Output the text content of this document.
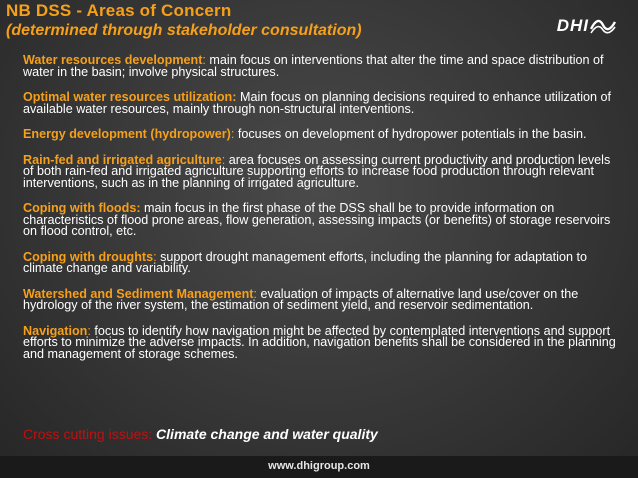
NB DSS - Areas of Concern
(determined through stakeholder consultation)	DHI

Water resources development: main focus on interventions that alter the time and space distribution of water in the basin; involve physical structures.

Optimal water resources utilization: Main focus on planning decisions required to enhance utilization of available water resources, mainly through non-structural interventions.

Energy development (hydropower): focuses on development of hydropower potentials in the basin.

Rain-fed and irrigated agriculture: area focuses on assessing current productivity and production levels of both rain-fed and irrigated agriculture supporting efforts to increase food production through relevant interventions, such as in the planning of irrigated agriculture.

Coping with floods: main focus in the first phase of the DSS shall be to provide information on characteristics of flood prone areas, flow generation, assessing impacts (or benefits) of storage reservoirs on flood control, etc.

Coping with droughts: support drought management efforts, including the planning for adaptation to climate change and variability.

Watershed and Sediment Management: evaluation of impacts of alternative land use/cover on the hydrology of the river system, the estimation of sediment yield, and reservoir sedimentation.

Navigation: focus to identify how navigation might be affected by contemplated interventions and support efforts to minimize the adverse impacts. In addition, navigation benefits shall be considered in the planning and management of storage schemes.

Cross cutting issues: Climate change and water quality
www.dhigroup.com
